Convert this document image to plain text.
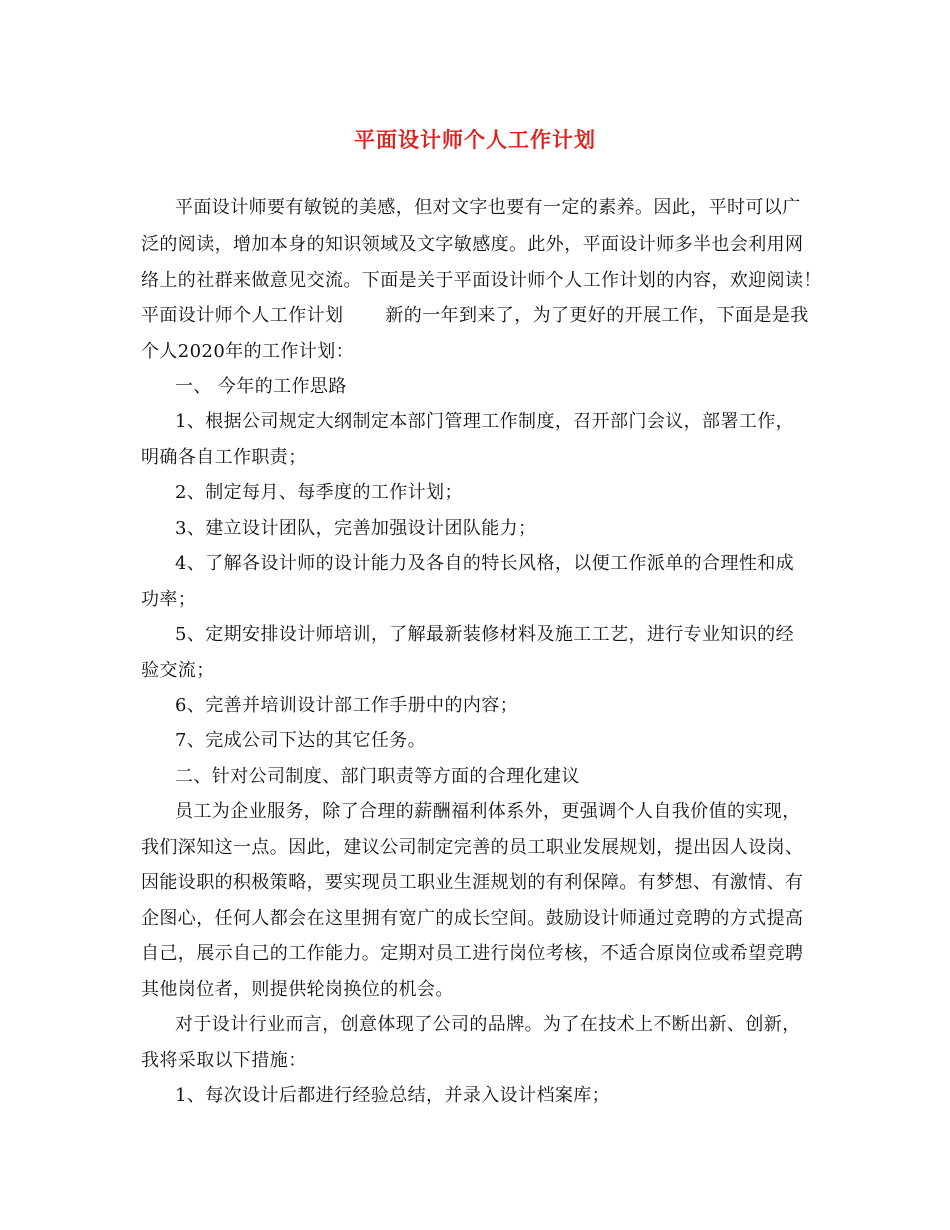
平面设计师个人工作计划
平面设计师要有敏锐的美感，但对文字也要有一定的素养。因此，平时可以广
泛的阅读，增加本身的知识领域及文字敏感度。此外，平面设计师多半也会利用网
络上的社群来做意见交流。下面是关于平面设计师个人工作计划的内容，欢迎阅读！
平面设计师个人工作计划 新的一年到来了，为了更好的开展工作，下面是是我
个人2020年的工作计划：
一、 今年的工作思路
1、根据公司规定大纲制定本部门管理工作制度，召开部门会议，部署工作，
明确各自工作职责；
2、制定每月、每季度的工作计划；
3、建立设计团队，完善加强设计团队能力；
4、了解各设计师的设计能力及各自的特长风格，以便工作派单的合理性和成
功率；
5、定期安排设计师培训，了解最新装修材料及施工工艺，进行专业知识的经
验交流；
6、完善并培训设计部工作手册中的内容；
7、完成公司下达的其它任务。
二、针对公司制度、部门职责等方面的合理化建议
员工为企业服务，除了合理的薪酬福利体系外，更强调个人自我价值的实现，
我们深知这一点。因此，建议公司制定完善的员工职业发展规划，提出因人设岗、
因能设职的积极策略，要实现员工职业生涯规划的有利保障。有梦想、有激情、有
企图心，任何人都会在这里拥有宽广的成长空间。鼓励设计师通过竞聘的方式提高
自己，展示自己的工作能力。定期对员工进行岗位考核，不适合原岗位或希望竞聘
其他岗位者，则提供轮岗换位的机会。
对于设计行业而言，创意体现了公司的品牌。为了在技术上不断出新、创新，
我将采取以下措施：
1、每次设计后都进行经验总结，并录入设计档案库；
